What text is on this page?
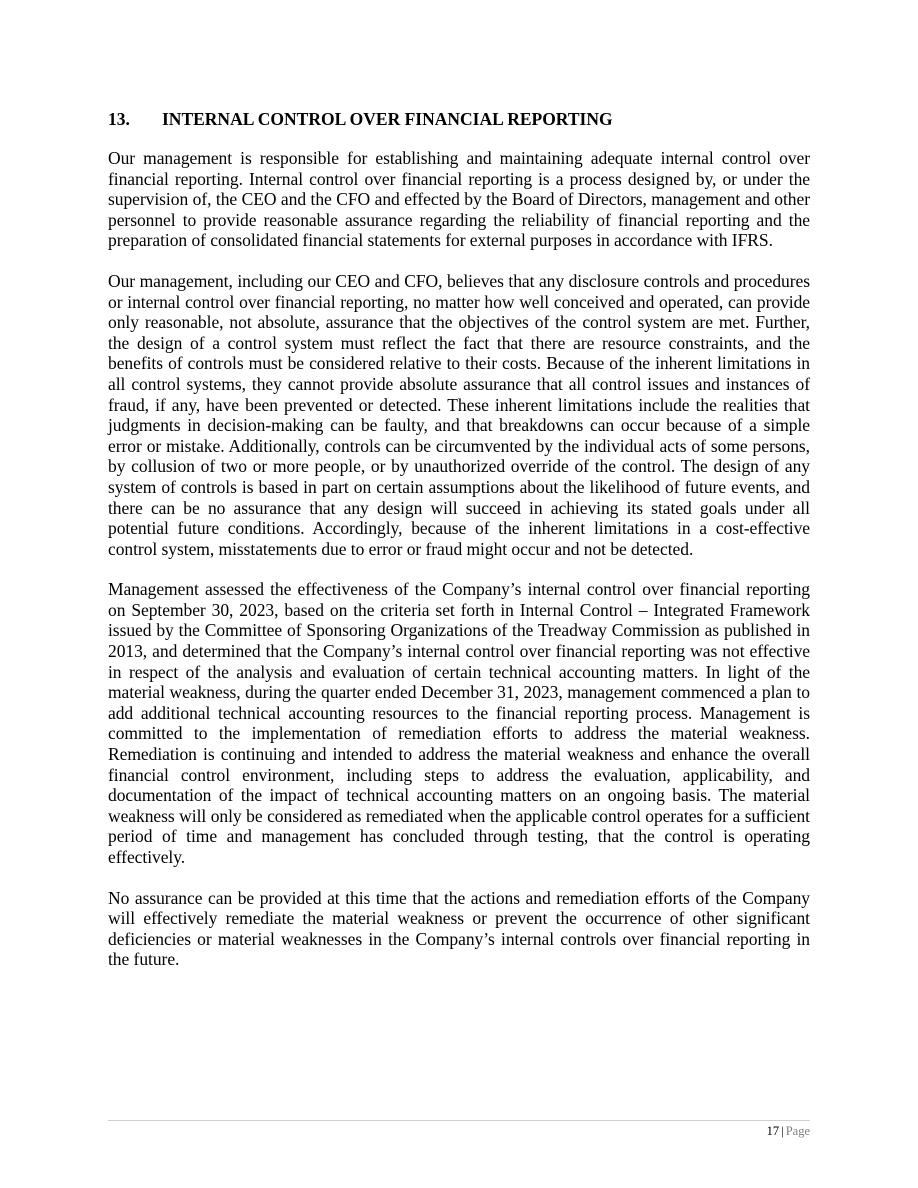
13.	INTERNAL CONTROL OVER FINANCIAL REPORTING

Our management is responsible for establishing and maintaining adequate internal control over financial reporting. Internal control over financial reporting is a process designed by, or under the supervision of, the CEO and the CFO and effected by the Board of Directors, management and other personnel to provide reasonable assurance regarding the reliability of financial reporting and the preparation of consolidated financial statements for external purposes in accordance with IFRS.

Our management, including our CEO and CFO, believes that any disclosure controls and procedures or internal control over financial reporting, no matter how well conceived and operated, can provide only reasonable, not absolute, assurance that the objectives of the control system are met. Further, the design of a control system must reflect the fact that there are resource constraints, and the benefits of controls must be considered relative to their costs. Because of the inherent limitations in all control systems, they cannot provide absolute assurance that all control issues and instances of fraud, if any, have been prevented or detected. These inherent limitations include the realities that judgments in decision-making can be faulty, and that breakdowns can occur because of a simple error or mistake. Additionally, controls can be circumvented by the individual acts of some persons, by collusion of two or more people, or by unauthorized override of the control. The design of any system of controls is based in part on certain assumptions about the likelihood of future events, and there can be no assurance that any design will succeed in achieving its stated goals under all potential future conditions. Accordingly, because of the inherent limitations in a cost-effective control system, misstatements due to error or fraud might occur and not be detected.

Management assessed the effectiveness of the Company’s internal control over financial reporting on September 30, 2023, based on the criteria set forth in Internal Control – Integrated Framework issued by the Committee of Sponsoring Organizations of the Treadway Commission as published in 2013, and determined that the Company’s internal control over financial reporting was not effective in respect of the analysis and evaluation of certain technical accounting matters. In light of the material weakness, during the quarter ended December 31, 2023, management commenced a plan to add additional technical accounting resources to the financial reporting process. Management is committed to the implementation of remediation efforts to address the material weakness. Remediation is continuing and intended to address the material weakness and enhance the overall financial control environment, including steps to address the evaluation, applicability, and documentation of the impact of technical accounting matters on an ongoing basis. The material weakness will only be considered as remediated when the applicable control operates for a sufficient period of time and management has concluded through testing, that the control is operating effectively.

No assurance can be provided at this time that the actions and remediation efforts of the Company will effectively remediate the material weakness or prevent the occurrence of other significant deficiencies or material weaknesses in the Company’s internal controls over financial reporting in the future.

17 | Page
